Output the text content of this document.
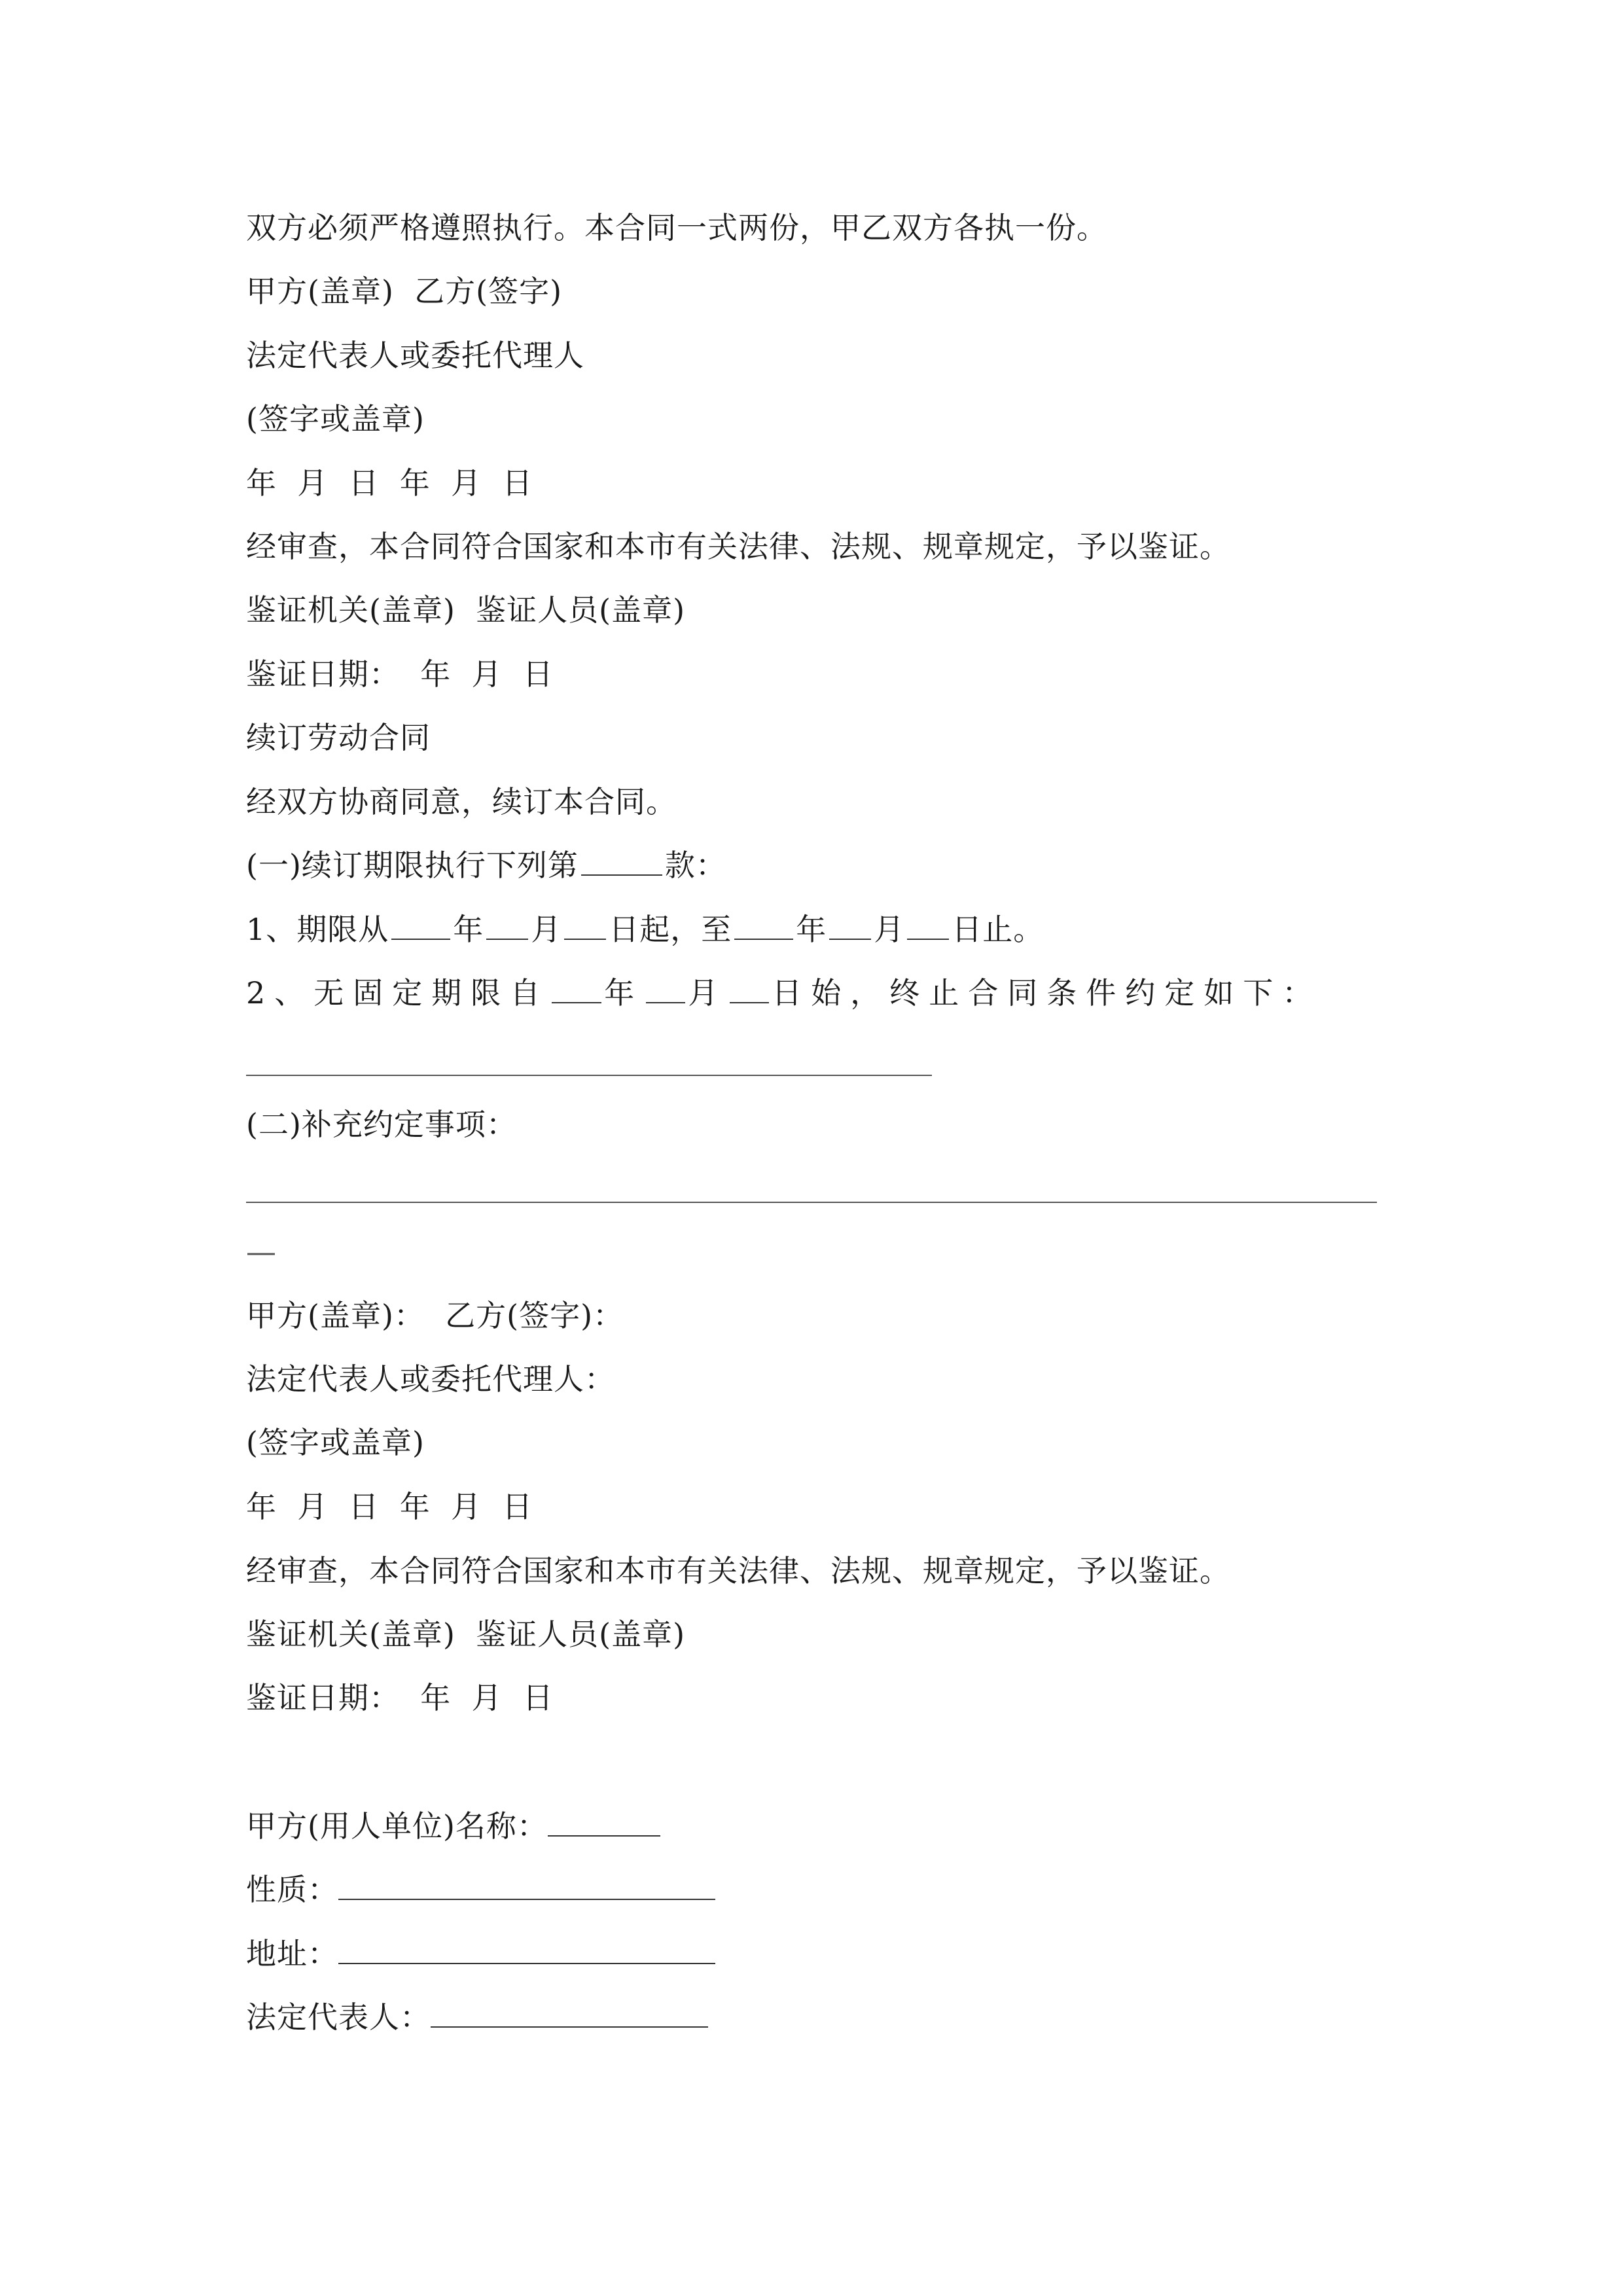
双方必须严格遵照执行。本合同一式两份，甲乙双方各执一份。
甲方(盖章)  乙方(签字)
法定代表人或委托代理人
(签字或盖章)
年  月  日  年  月  日
经审查，本合同符合国家和本市有关法律、法规、规章规定，予以鉴证。
鉴证机关(盖章)  鉴证人员(盖章)
鉴证日期：  年  月  日
续订劳动合同
经双方协商同意，续订本合同。
(一)续订期限执行下列第	款：
1、期限从 年 月 日起，至 年 月 日止。
2、无固定期限自 年 月 日始，终止合同条件约定如下：
(二)补充约定事项：
—
甲方(盖章)：  乙方(签字)：
法定代表人或委托代理人：
(签字或盖章)
年  月  日  年  月  日
经审查，本合同符合国家和本市有关法律、法规、规章规定，予以鉴证。
鉴证机关(盖章)  鉴证人员(盖章)
鉴证日期：  年  月  日
甲方(用人单位)名称：
性质：
地址：
法定代表人：
